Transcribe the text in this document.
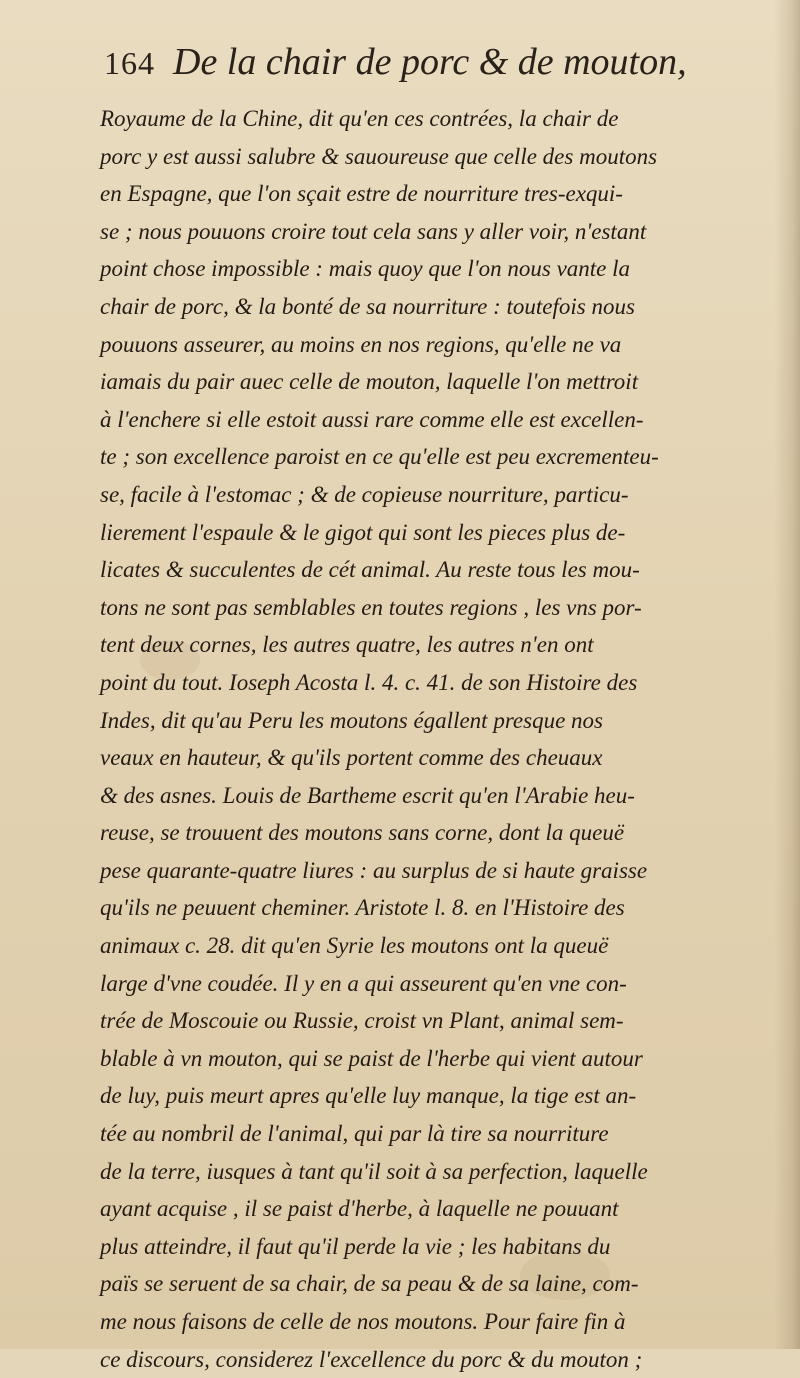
164 De la chair de porc & de mouton,
Royaume de la Chine, dit qu'en ces contrées, la chair de
porc y est aussi salubre & sauoureuse que celle des moutons
en Espagne, que l'on sçait estre de nourriture tres-exqui-
se ; nous pouuons croire tout cela sans y aller voir, n'estant
point chose impossible : mais quoy que l'on nous vante la
chair de porc, & la bonté de sa nourriture : toutefois nous
pouuons asseurer, au moins en nos regions, qu'elle ne va
iamais du pair auec celle de mouton, laquelle l'on mettroit
à l'enchere si elle estoit aussi rare comme elle est excellen-
te ; son excellence paroist en ce qu'elle est peu excrementeu-
se, facile à l'estomac ; & de copieuse nourriture, particu-
lierement l'espaule & le gigot qui sont les pieces plus de-
licates & succulentes de cét animal. Au reste tous les mou-
tons ne sont pas semblables en toutes regions , les vns por-
tent deux cornes, les autres quatre, les autres n'en ont
point du tout. Ioseph Acosta l. 4. c. 41. de son Histoire des
Indes, dit qu'au Peru les moutons égallent presque nos
veaux en hauteur, & qu'ils portent comme des cheuaux
& des asnes. Louis de Bartheme escrit qu'en l'Arabie heu-
reuse, se trouuent des moutons sans corne, dont la queuë
pese quarante-quatre liures : au surplus de si haute graisse
qu'ils ne peuuent cheminer. Aristote l. 8. en l'Histoire des
animaux c. 28. dit qu'en Syrie les moutons ont la queuë
large d'vne coudée. Il y en a qui asseurent qu'en vne con-
trée de Moscouie ou Russie, croist vn Plant, animal sem-
blable à vn mouton, qui se paist de l'herbe qui vient autour
de luy, puis meurt apres qu'elle luy manque, la tige est an-
tée au nombril de l'animal, qui par là tire sa nourriture
de la terre, iusques à tant qu'il soit à sa perfection, laquelle
ayant acquise , il se paist d'herbe, à laquelle ne pouuant
plus atteindre, il faut qu'il perde la vie ; les habitans du
païs se seruent de sa chair, de sa peau & de sa laine, com-
me nous faisons de celle de nos moutons. Pour faire fin à
ce discours, considerez l'excellence du porc & du mouton ;
